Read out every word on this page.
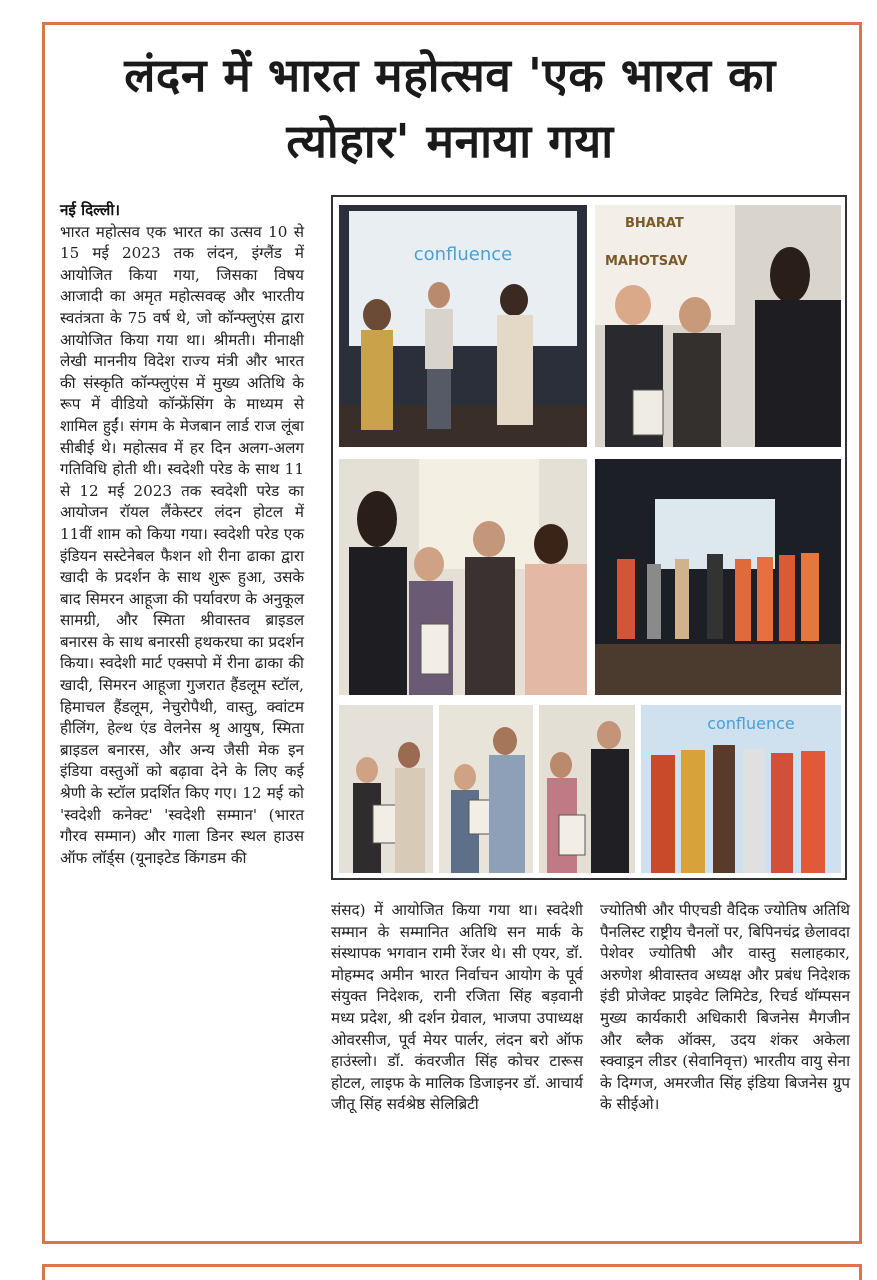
लंदन में भारत महोत्सव 'एक भारत का
त्योहार' मनाया गया
नई दिल्ली।
भारत महोत्सव एक भारत का उत्सव 10 से 15 मई 2023 तक लंदन, इंग्लैंड में आयोजित किया गया, जिसका विषय आजादी का अमृत महोत्सवव्ह और भारतीय स्वतंत्रता के 75 वर्ष थे, जो कॉन्फ्लुएंस द्वारा आयोजित किया गया था। श्रीमती। मीनाक्षी लेखी माननीय विदेश राज्य मंत्री और भारत की संस्कृति कॉन्फ्लुएंस में मुख्य अतिथि के रूप में वीडियो कॉन्फ्रेंसिंग के माध्यम से शामिल हुईं। संगम के मेजबान लार्ड राज लूंबा सीबीई थे। महोत्सव में हर दिन अलग-अलग गतिविधि होती थी। स्वदेशी परेड के साथ 11 से 12 मई 2023 तक स्वदेशी परेड का आयोजन रॉयल लैंकेस्टर लंदन होटल में 11वीं शाम को किया गया। स्वदेशी परेड एक इंडियन सस्टेनेबल फैशन शो रीना ढाका द्वारा खादी के प्रदर्शन के साथ शुरू हुआ, उसके बाद सिमरन आहूजा की पर्यावरण के अनुकूल सामग्री, और स्मिता श्रीवास्तव ब्राइडल बनारस के साथ बनारसी हथकरघा का प्रदर्शन किया। स्वदेशी मार्ट एक्सपो में रीना ढाका की खादी, सिमरन आहूजा गुजरात हैंडलूम स्टॉल, हिमाचल हैंडलूम, नेचुरोपैथी, वास्तु, क्वांटम हीलिंग, हेल्थ एंड वेलनेस श्रृ आयुष, स्मिता ब्राइडल बनारस, और अन्य जैसी मेक इन इंडिया वस्तुओं को बढ़ावा देने के लिए कई श्रेणी के स्टॉल प्रदर्शित किए गए। 12 मई को 'स्वदेशी कनेक्ट' 'स्वदेशी सम्मान' (भारत गौरव सम्मान) और गाला डिनर स्थल हाउस ऑफ लॉर्ड्स (यूनाइटेड किंगडम की
confluence
BHARAT
MAHOTSAV
confluence
संसद) में आयोजित किया गया था। स्वदेशी सम्मान के सम्मानित अतिथि सन मार्क के संस्थापक भगवान रामी रेंजर थे। सी एयर, डॉ. मोहम्मद अमीन भारत निर्वाचन आयोग के पूर्व संयुक्त निदेशक, रानी रजिता सिंह बड़वानी मध्य प्रदेश, श्री दर्शन ग्रेवाल, भाजपा उपाध्यक्ष ओवरसीज, पूर्व मेयर पार्लर, लंदन बरो ऑफ हाउंस्लो। डॉ. कंवरजीत सिंह कोचर टारूस होटल, लाइफ के मालिक डिजाइनर डॉ. आचार्य जीतू सिंह सर्वश्रेष्ठ सेलिब्रिटी
ज्योतिषी और पीएचडी वैदिक ज्योतिष अतिथि पैनलिस्ट राष्ट्रीय चैनलों पर, बिपिनचंद्र छेलावदा पेशेवर ज्योतिषी और वास्तु सलाहकार, अरुणेश श्रीवास्तव अध्यक्ष और प्रबंध निदेशक इंडी प्रोजेक्ट प्राइवेट लिमिटेड, रिचर्ड थॉम्पसन मुख्य कार्यकारी अधिकारी बिजनेस मैगजीन और ब्लैक ऑक्स, उदय शंकर अकेला स्क्वाड्रन लीडर (सेवानिवृत्त) भारतीय वायु सेना के दिग्गज, अमरजीत सिंह इंडिया बिजनेस ग्रुप के सीईओ।
